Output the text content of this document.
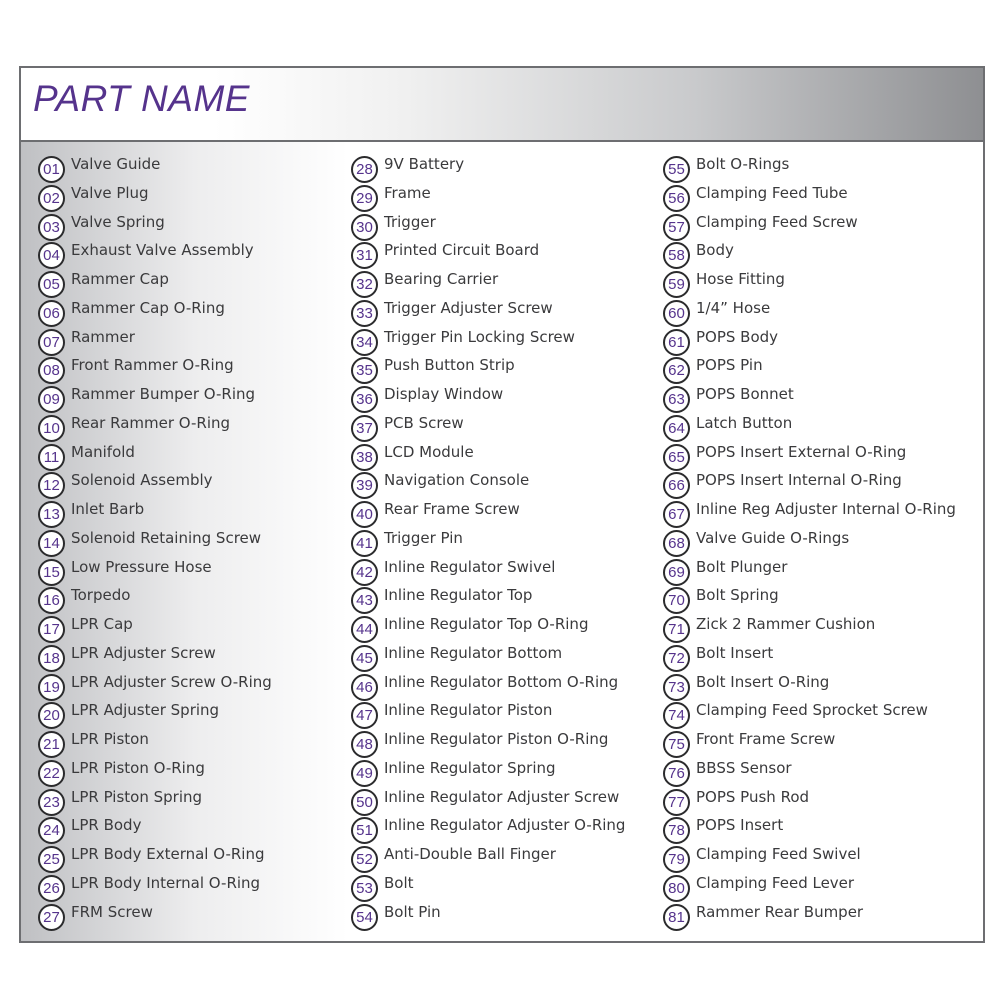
PART NAME
01 Valve Guide
02 Valve Plug
03 Valve Spring
04 Exhaust Valve Assembly
05 Rammer Cap
06 Rammer Cap O-Ring
07 Rammer
08 Front Rammer O-Ring
09 Rammer Bumper O-Ring
10 Rear Rammer O-Ring
11 Manifold
12 Solenoid Assembly
13 Inlet Barb
14 Solenoid Retaining Screw
15 Low Pressure Hose
16 Torpedo
17 LPR Cap
18 LPR Adjuster Screw
19 LPR Adjuster Screw O-Ring
20 LPR Adjuster Spring
21 LPR Piston
22 LPR Piston O-Ring
23 LPR Piston Spring
24 LPR Body
25 LPR Body External O-Ring
26 LPR Body Internal O-Ring
27 FRM Screw
28 9V Battery
29 Frame
30 Trigger
31 Printed Circuit Board
32 Bearing Carrier
33 Trigger Adjuster Screw
34 Trigger Pin Locking Screw
35 Push Button Strip
36 Display Window
37 PCB Screw
38 LCD Module
39 Navigation Console
40 Rear Frame Screw
41 Trigger Pin
42 Inline Regulator Swivel
43 Inline Regulator Top
44 Inline Regulator Top O-Ring
45 Inline Regulator Bottom
46 Inline Regulator Bottom O-Ring
47 Inline Regulator Piston
48 Inline Regulator Piston O-Ring
49 Inline Regulator Spring
50 Inline Regulator Adjuster Screw
51 Inline Regulator Adjuster O-Ring
52 Anti-Double Ball Finger
53 Bolt
54 Bolt Pin
55 Bolt O-Rings
56 Clamping Feed Tube
57 Clamping Feed Screw
58 Body
59 Hose Fitting
60 1/4” Hose
61 POPS Body
62 POPS Pin
63 POPS Bonnet
64 Latch Button
65 POPS Insert External O-Ring
66 POPS Insert Internal O-Ring
67 Inline Reg Adjuster Internal O-Ring
68 Valve Guide O-Rings
69 Bolt Plunger
70 Bolt Spring
71 Zick 2 Rammer Cushion
72 Bolt Insert
73 Bolt Insert O-Ring
74 Clamping Feed Sprocket Screw
75 Front Frame Screw
76 BBSS Sensor
77 POPS Push Rod
78 POPS Insert
79 Clamping Feed Swivel
80 Clamping Feed Lever
81 Rammer Rear Bumper
